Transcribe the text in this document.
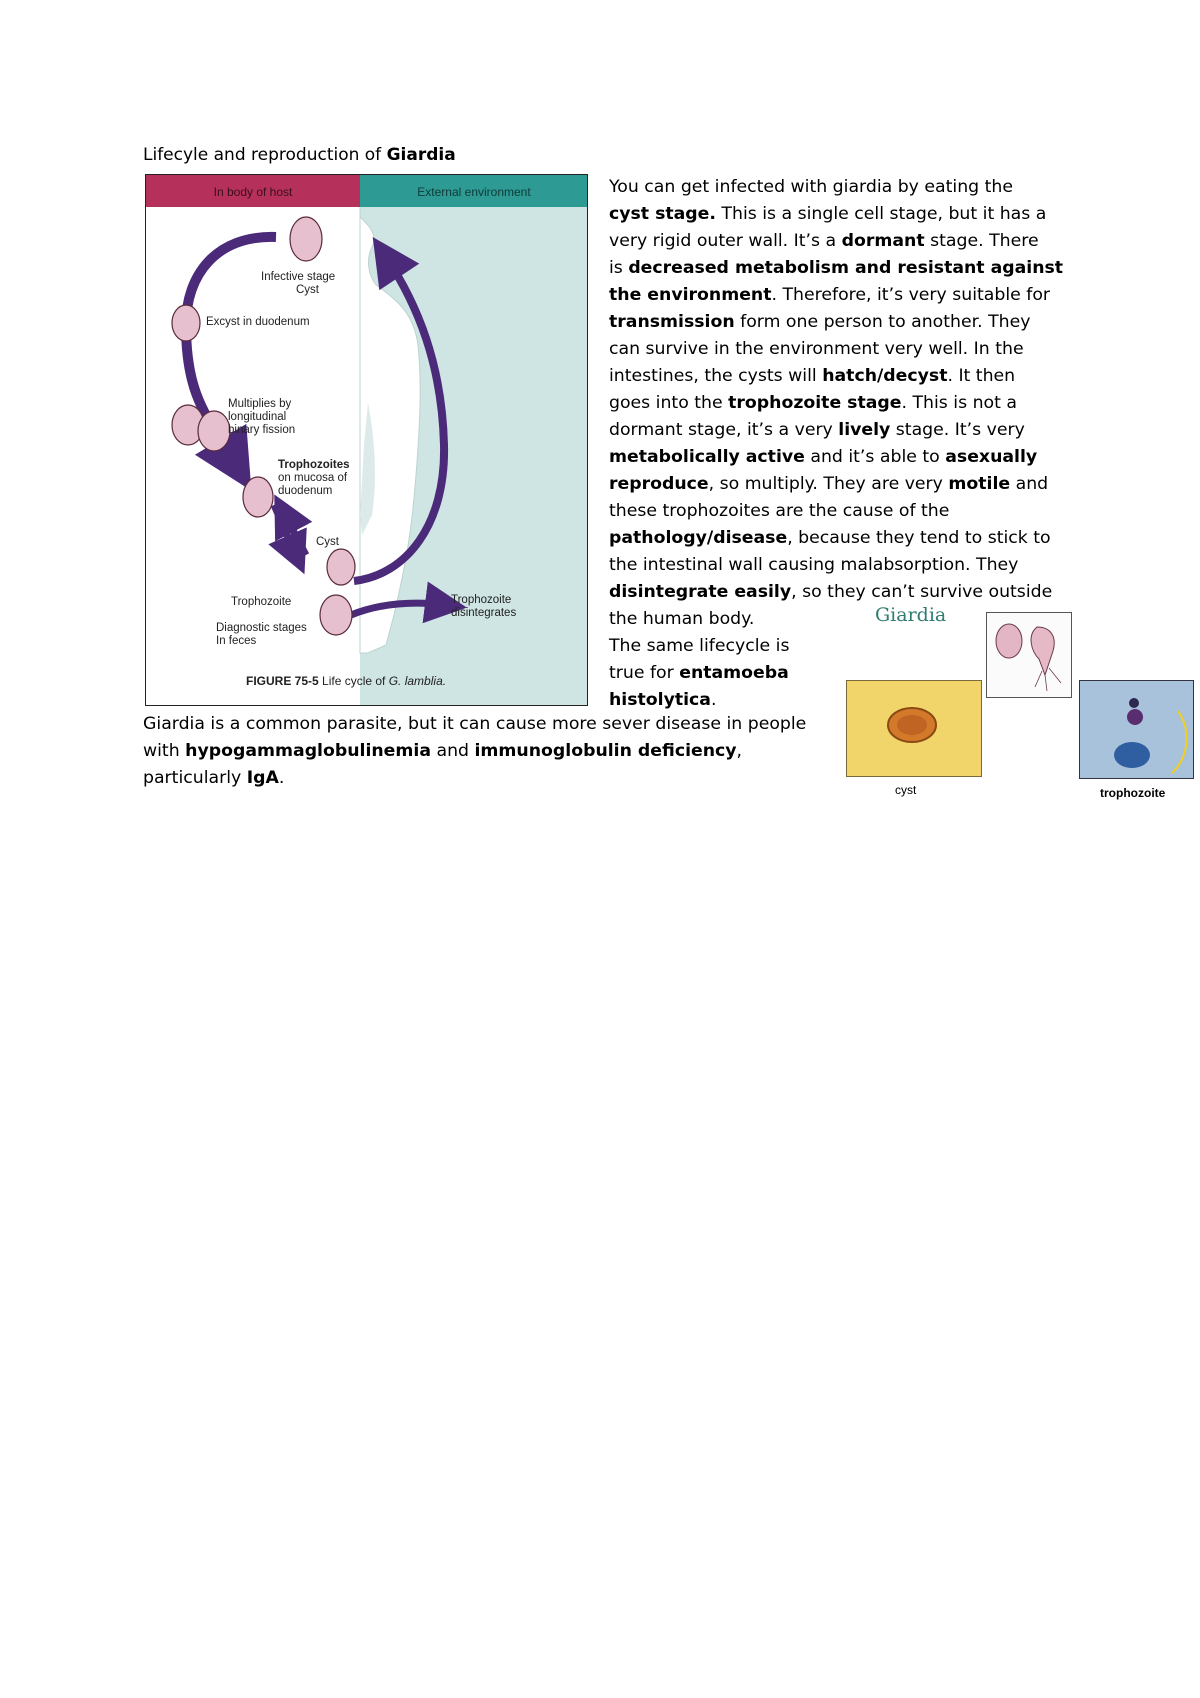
Lifecyle and reproduction of Giardia
In body of host	External environment
Infective stage
Cyst
Excyst in duodenum
Multiplies by
longitudinal
binary fission
Trophozoites
on mucosa of
duodenum
Cyst
Trophozoite
Diagnostic stages
In feces
Trophozoite
disintegrates
FIGURE 75-5 Life cycle of G. lamblia.
You can get infected with giardia by eating the
cyst stage. This is a single cell stage, but it has a
very rigid outer wall. It’s a dormant stage. There
is decreased metabolism and resistant against
the environment. Therefore, it’s very suitable for
transmission form one person to another. They
can survive in the environment very well. In the
intestines, the cysts will hatch/decyst. It then
goes into the trophozoite stage. This is not a
dormant stage, it’s a very lively stage. It’s very
metabolically active and it’s able to asexually
reproduce, so multiply. They are very motile and
these trophozoites are the cause of the
pathology/disease, because they tend to stick to
the intestinal wall causing malabsorption. They
disintegrate easily, so they can’t survive outside
the human body.
The same lifecycle is
true for entamoeba
histolytica.
Giardia is a common parasite, but it can cause more sever disease in people
with hypogammaglobulinemia and immunoglobulin deficiency,
particularly IgA.
Giardia
cyst	trophozoite
